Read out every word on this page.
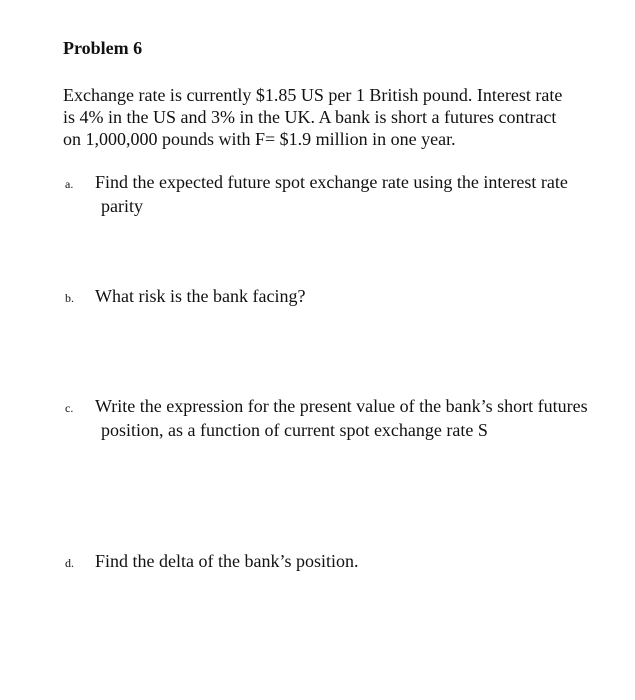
Problem 6

Exchange rate is currently $1.85 US per 1 British pound. Interest rate is 4% in the US and 3% in the UK. A bank is short a futures contract on 1,000,000 pounds with F= $1.9 million in one year.

a. Find the expected future spot exchange rate using the interest rate parity
b. What risk is the bank facing?
c. Write the expression for the present value of the bank’s short futures position, as a function of current spot exchange rate S
d. Find the delta of the bank’s position.
